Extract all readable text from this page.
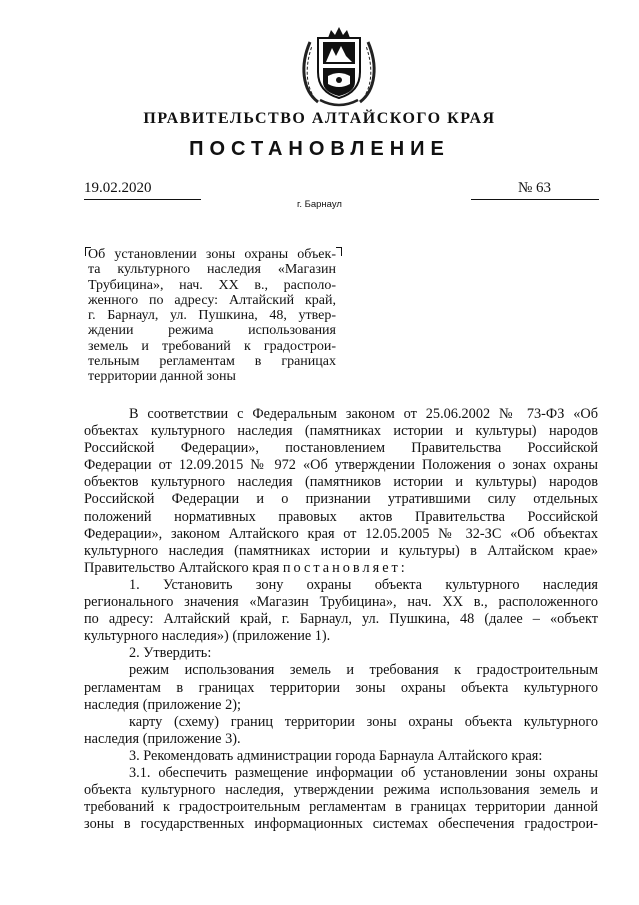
ПРАВИТЕЛЬСТВО АЛТАЙСКОГО КРАЯ
ПОСТАНОВЛЕНИЕ
19.02.2020
г. Барнаул
№ 63
Об установлении зоны охраны объек-
та культурного наследия «Магазин
Трубицина», нач. XX в., располо-
женного по адресу: Алтайский край,
г. Барнаул, ул. Пушкина, 48, утвер-
ждении режима использования
земель и требований к градострои-
тельным регламентам в границах
территории данной зоны
В соответствии с Федеральным законом от 25.06.2002 № 73-ФЗ «Об
объектах культурного наследия (памятниках истории и культуры) народов
Российской Федерации», постановлением Правительства Российской
Федерации от 12.09.2015 № 972 «Об утверждении Положения о зонах охраны
объектов культурного наследия (памятников истории и культуры) народов
Российской Федерации и о признании утратившими силу отдельных
положений нормативных правовых актов Правительства Российской
Федерации», законом Алтайского края от 12.05.2005 № 32-ЗС «Об объектах
культурного наследия (памятниках истории и культуры) в Алтайском крае»
Правительство Алтайского края постановляет:
1. Установить зону охраны объекта культурного наследия
регионального значения «Магазин Трубицина», нач. XX в., расположенного
по адресу: Алтайский край, г. Барнаул, ул. Пушкина, 48 (далее – «объект
культурного наследия») (приложение 1).
2. Утвердить:
режим использования земель и требования к градостроительным
регламентам в границах территории зоны охраны объекта культурного
наследия (приложение 2);
карту (схему) границ территории зоны охраны объекта культурного
наследия (приложение 3).
3. Рекомендовать администрации города Барнаула Алтайского края:
3.1. обеспечить размещение информации об установлении зоны охраны
объекта культурного наследия, утверждении режима использования земель и
требований к градостроительным регламентам в границах территории данной
зоны в государственных информационных системах обеспечения градострои-
